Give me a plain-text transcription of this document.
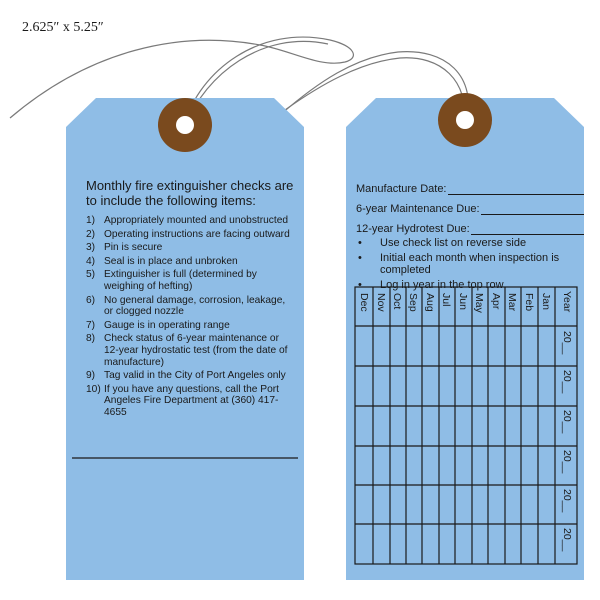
2.625″ x 5.25″

Monthly fire extinguisher checks are to include the following items:

1) Appropriately mounted and unobstructed
2) Operating instructions are facing outward
3) Pin is secure
4) Seal is in place and unbroken
5) Extinguisher is full (determined by weighing of hefting)
6) No general damage, corrosion, leakage, or clogged nozzle
7) Gauge is in operating range
8) Check status of 6-year maintenance or 12-year hydrostatic test (from the date of manufacture)
9) Tag valid in the City of Port Angeles only
10) If you have any questions, call the Port Angeles Fire Department at (360) 417-4655
Manufacture Date:
6-year Maintenance Due:
12-year Hydrotest Due:
•	Use check list on reverse side
•	Initial each month when inspection is completed
•	Log in year in the top row
Dec Nov Oct Sep Aug Jul Jun May Apr Mar Feb Jan Year
20__
20__
20__
20__
20__
20__
